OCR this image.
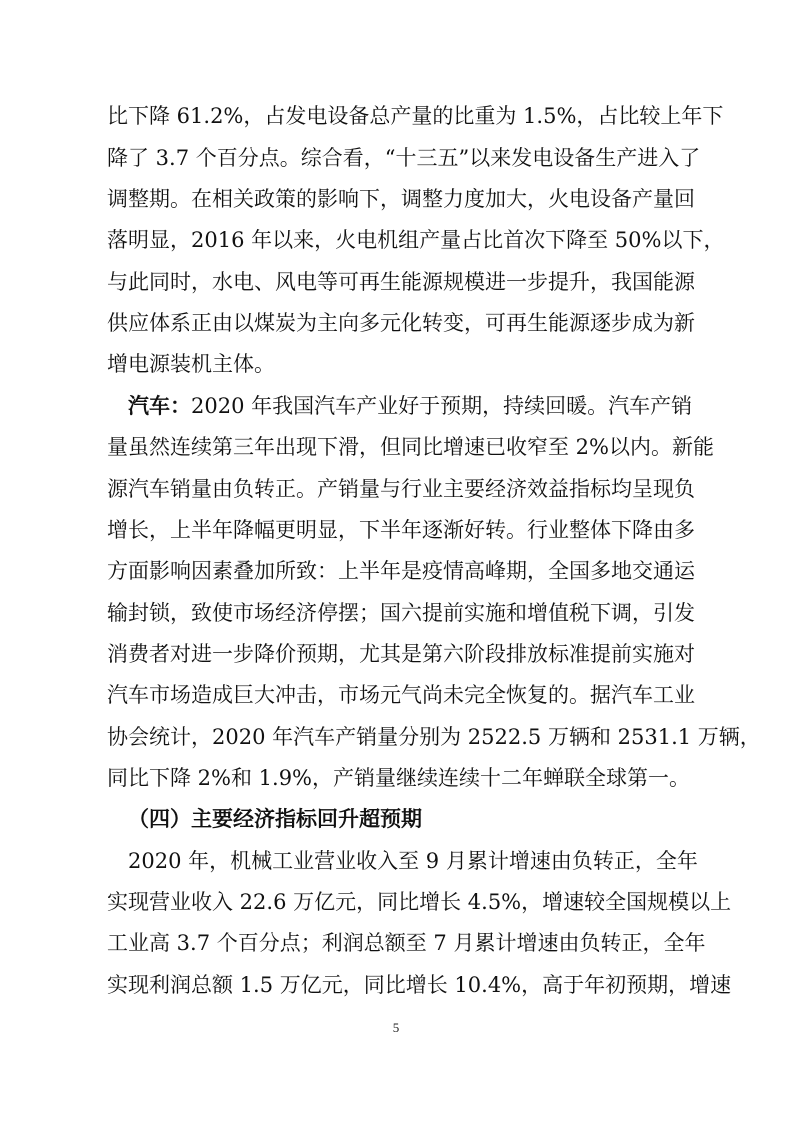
比下降 61.2%，占发电设备总产量的比重为 1.5%，占比较上年下
降了 3.7 个百分点。综合看，“十三五”以来发电设备生产进入了
调整期。在相关政策的影响下，调整力度加大，火电设备产量回
落明显，2016 年以来，火电机组产量占比首次下降至 50%以下，
与此同时，水电、风电等可再生能源规模进一步提升，我国能源
供应体系正由以煤炭为主向多元化转变，可再生能源逐步成为新
增电源装机主体。
汽车：2020 年我国汽车产业好于预期，持续回暖。汽车产销
量虽然连续第三年出现下滑，但同比增速已收窄至 2%以内。新能
源汽车销量由负转正。产销量与行业主要经济效益指标均呈现负
增长，上半年降幅更明显，下半年逐渐好转。行业整体下降由多
方面影响因素叠加所致：上半年是疫情高峰期，全国多地交通运
输封锁，致使市场经济停摆；国六提前实施和增值税下调，引发
消费者对进一步降价预期，尤其是第六阶段排放标准提前实施对
汽车市场造成巨大冲击，市场元气尚未完全恢复的。据汽车工业
协会统计，2020 年汽车产销量分别为 2522.5 万辆和 2531.1 万辆，
同比下降 2%和 1.9%，产销量继续连续十二年蝉联全球第一。
（四）主要经济指标回升超预期
2020 年，机械工业营业收入至 9 月累计增速由负转正，全年
实现营业收入 22.6 万亿元，同比增长 4.5%，增速较全国规模以上
工业高 3.7 个百分点；利润总额至 7 月累计增速由负转正，全年
实现利润总额 1.5 万亿元，同比增长 10.4%，高于年初预期，增速
5
